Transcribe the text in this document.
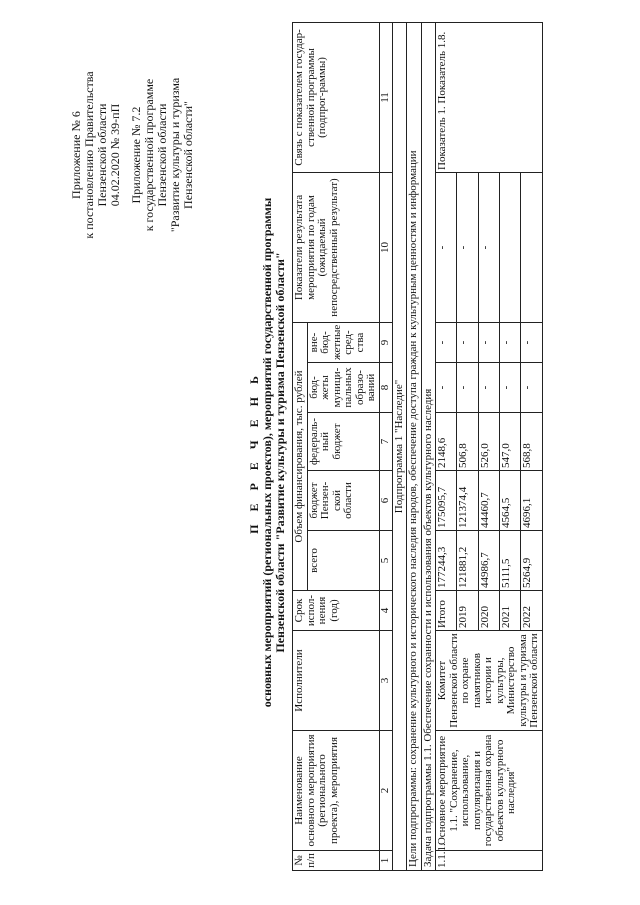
Приложение № 6 к постановлению Правительства Пензенской области 04.02.2020 № 39-пП Приложение № 7.2 к государственной программе Пензенской области "Развитие культуры и туризма Пензенской области"
П Е Р Е Ч Е Н Ь основных мероприятий (региональных проектов), мероприятий государственной программы Пензенской области "Развитие культуры и туризма Пензенской области"
№ п/п	Наименование основного мероприятия (регионального проекта), мероприятия	Исполнители	Срок испол-нения (год)	Объем финансирования, тыс. рублей					Показатели результата мероприятия по годам (ожидаемый непосредственный результат)	Связь с показателем государ-ственной программы (подпрог-раммы)
				всего	бюджет Пензен-ской области	федераль-ный бюджет	бюд-жеты муници-пальных образо-ваний	вне-бюд-жетные сред-ства		
1	2	3	4	5	6	7	8	9	10	11
Подпрограмма 1 "Наследие"										
Цели подпрограммы: сохранение культурного и исторического наследия народов, обеспечение доступа граждан к культурным ценностям и информации										
Задача подпрограммы 1.1. Обеспечение сохранности и использования объектов культурного наследия										
1.1.1.	Основное мероприятие 1.1. "Сохранение, использование, популяризация и государственная охрана объектов культурного наследия"	Комитет Пензенской области по охране памятников истории и культуры, Министерство культуры и туризма Пензенской области	Итого	177244,3	175095,7	2148,6	-	-	-	Показатель 1. Показатель 1.8.
			2019	121881,2	121374,4	506,8	-	-	-	
			2020	44986,7	44460,7	526,0	-	-	-	
			2021	5111,5	4564,5	547,0	-	-		
			2022	5264,9	4696,1	568,8	-	-		
